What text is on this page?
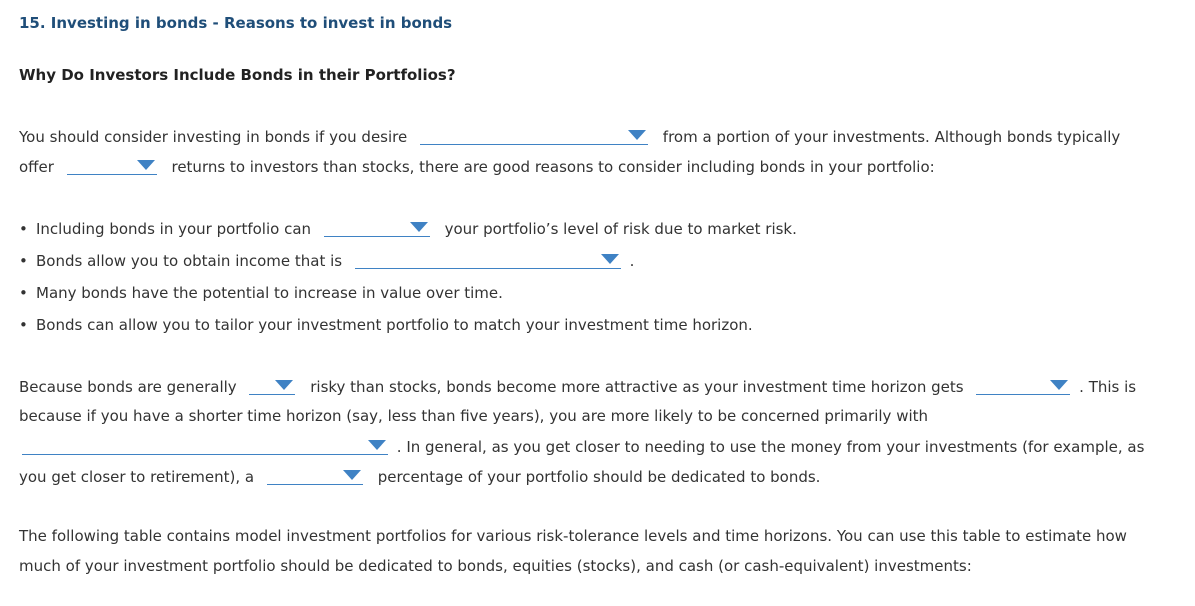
15. Investing in bonds - Reasons to invest in bonds
Why Do Investors Include Bonds in their Portfolios?
You should consider investing in bonds if you desire	from a portion of your investments. Although bonds typically
offer	returns to investors than stocks, there are good reasons to consider including bonds in your portfolio:
• Including bonds in your portfolio can	your portfolio’s level of risk due to market risk.
• Bonds allow you to obtain income that is	.
• Many bonds have the potential to increase in value over time.
• Bonds can allow you to tailor your investment portfolio to match your investment time horizon.
Because bonds are generally	risky than stocks, bonds become more attractive as your investment time horizon gets	. This is
because if you have a shorter time horizon (say, less than five years), you are more likely to be concerned primarily with
. In general, as you get closer to needing to use the money from your investments (for example, as
you get closer to retirement), a	percentage of your portfolio should be dedicated to bonds.
The following table contains model investment portfolios for various risk-tolerance levels and time horizons. You can use this table to estimate how
much of your investment portfolio should be dedicated to bonds, equities (stocks), and cash (or cash-equivalent) investments:
